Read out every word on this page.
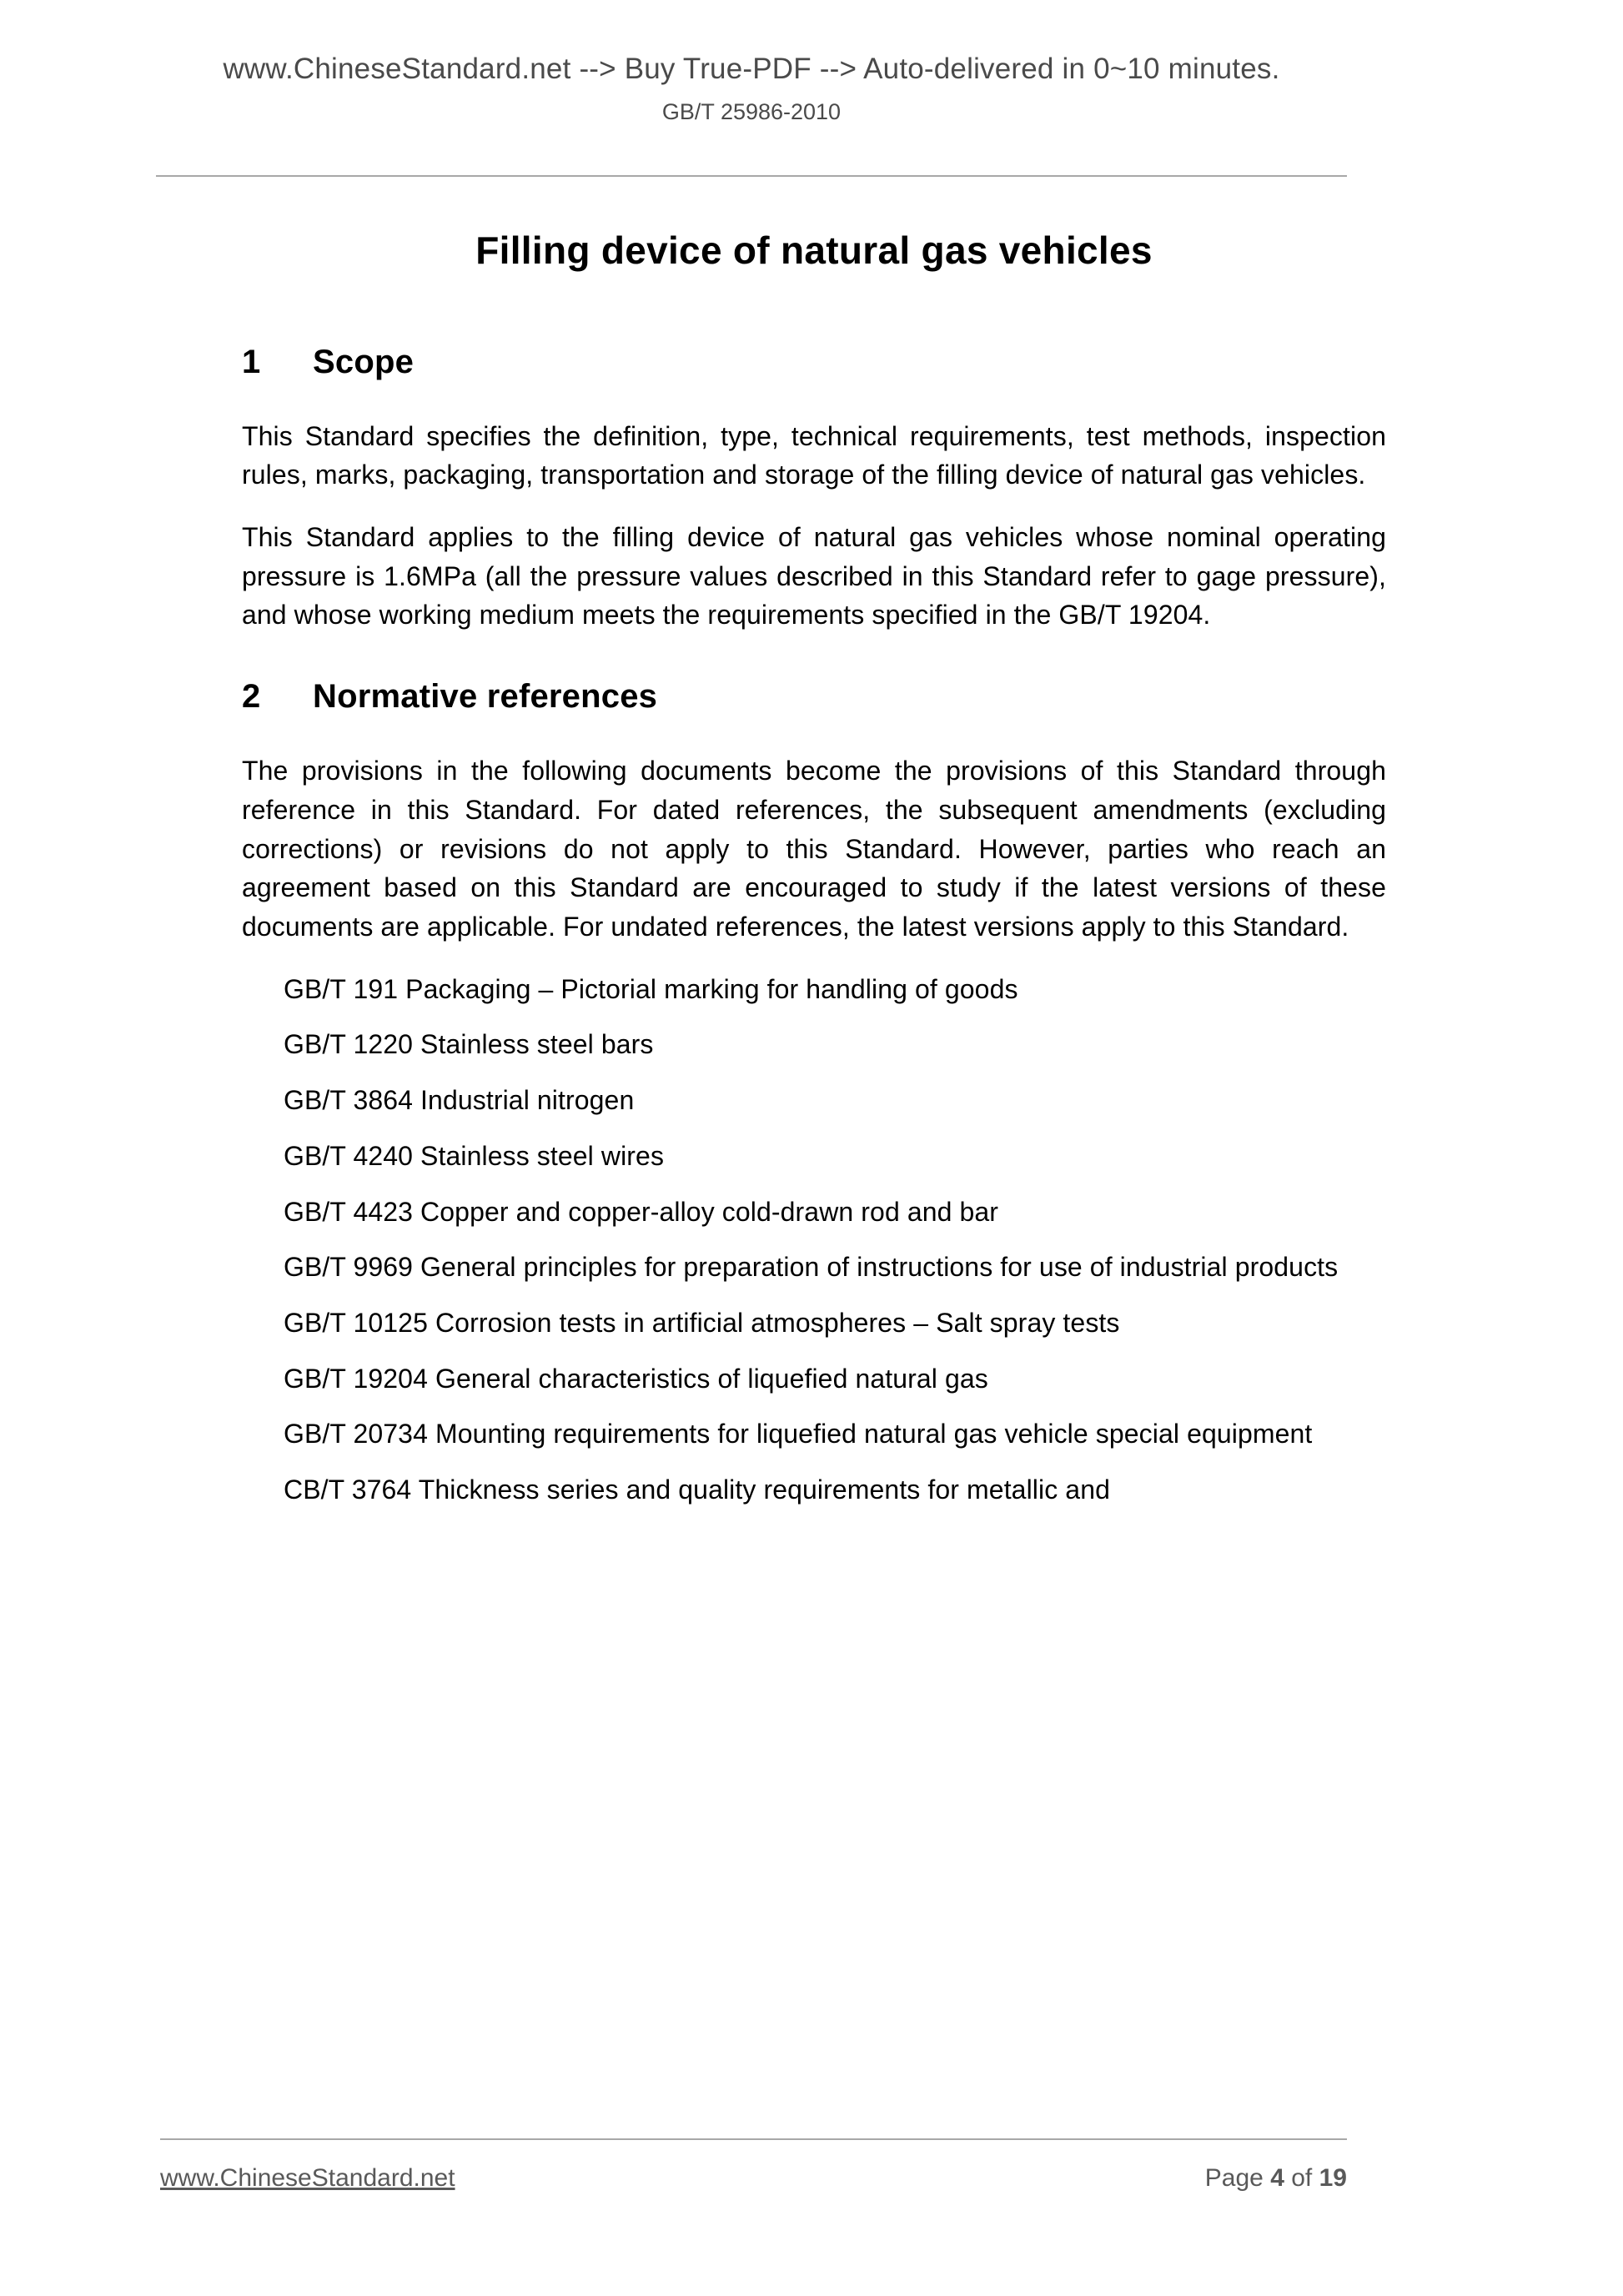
www.ChineseStandard.net --> Buy True-PDF --> Auto-delivered in 0~10 minutes.
GB/T 25986-2010
Filling device of natural gas vehicles
1 Scope

This Standard specifies the definition, type, technical requirements, test methods, inspection rules, marks, packaging, transportation and storage of the filling device of natural gas vehicles.

This Standard applies to the filling device of natural gas vehicles whose nominal operating pressure is 1.6MPa (all the pressure values described in this Standard refer to gage pressure), and whose working medium meets the requirements specified in the GB/T 19204.

2 Normative references

The provisions in the following documents become the provisions of this Standard through reference in this Standard. For dated references, the subsequent amendments (excluding corrections) or revisions do not apply to this Standard. However, parties who reach an agreement based on this Standard are encouraged to study if the latest versions of these documents are applicable. For undated references, the latest versions apply to this Standard.

GB/T 191 Packaging – Pictorial marking for handling of goods

GB/T 1220 Stainless steel bars

GB/T 3864 Industrial nitrogen

GB/T 4240 Stainless steel wires

GB/T 4423 Copper and copper-alloy cold-drawn rod and bar

GB/T 9969 General principles for preparation of instructions for use of industrial products

GB/T 10125 Corrosion tests in artificial atmospheres – Salt spray tests

GB/T 19204 General characteristics of liquefied natural gas

GB/T 20734 Mounting requirements for liquefied natural gas vehicle special equipment

CB/T 3764 Thickness series and quality requirements for metallic and

www.ChineseStandard.net	Page 4 of 19
